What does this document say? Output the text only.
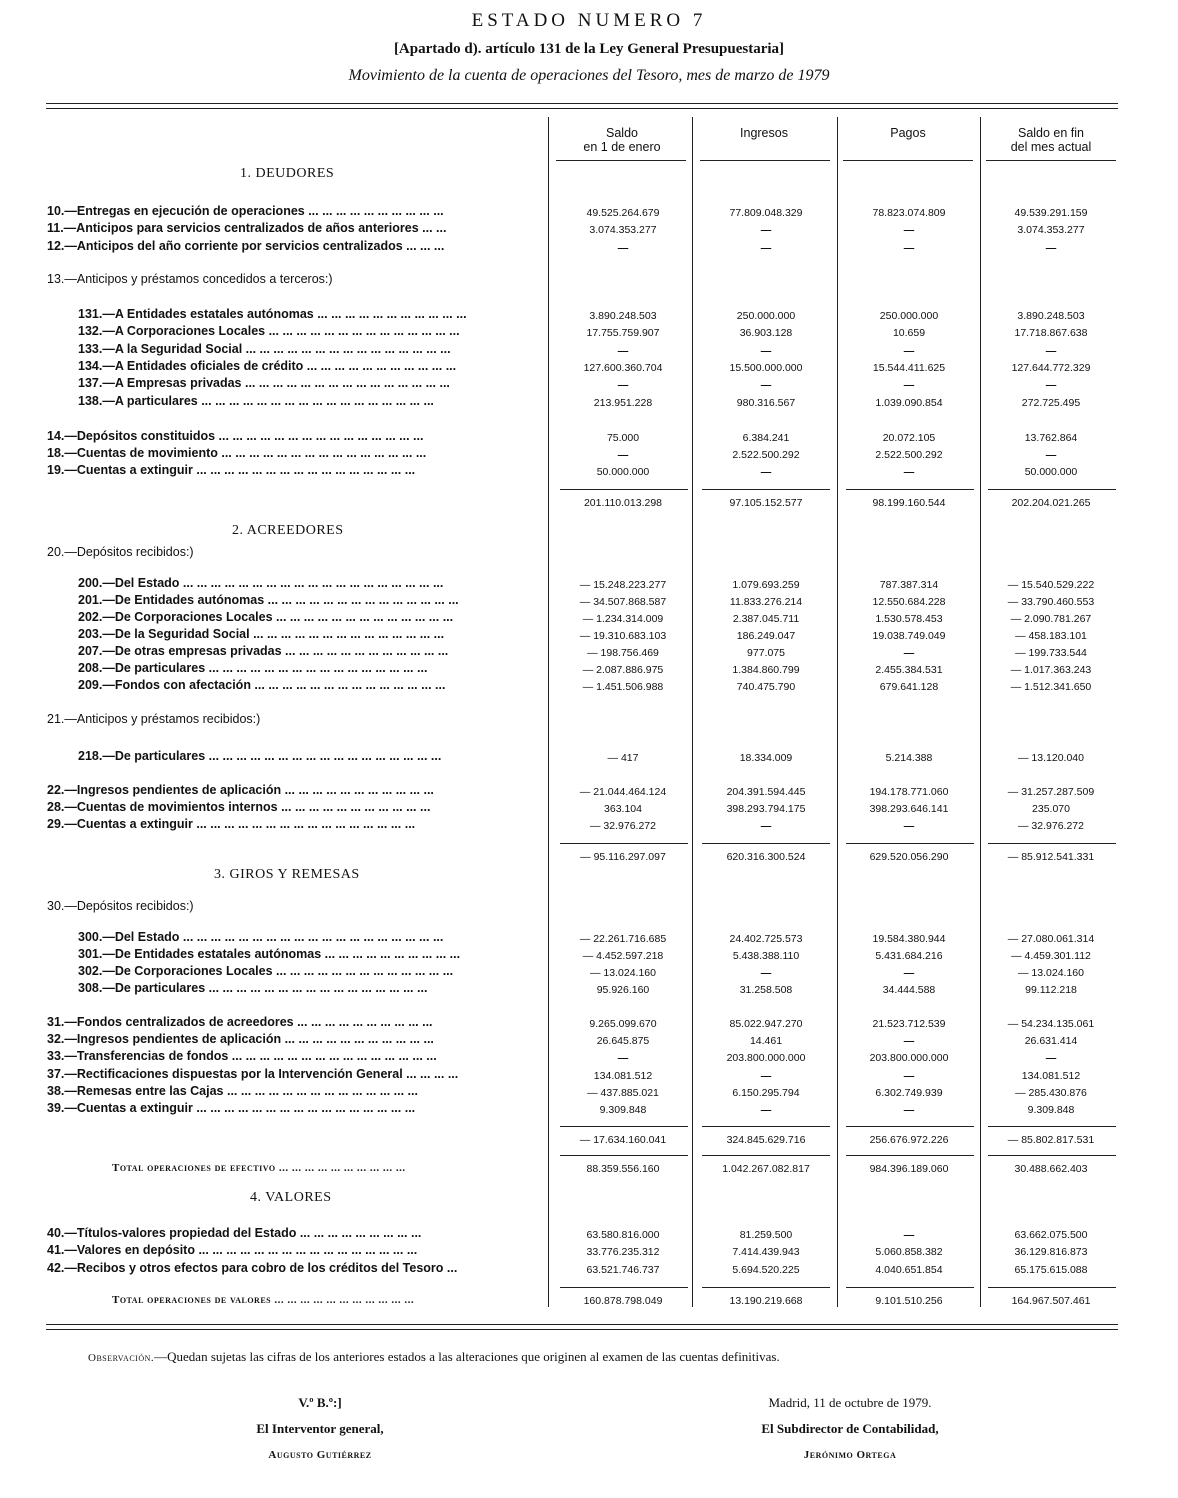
ESTADO NUMERO 7
[Apartado d). artículo 131 de la Ley General Presupuestaria]
Movimiento de la cuenta de operaciones del Tesoro, mes de marzo de 1979
Saldo
en 1 de enero
Ingresos	Pagos	Saldo en fin
del mes actual
1. DEUDORES
2. ACREEDORES
3. GIROS Y REMESAS
4. VALORES
10.—Entregas en ejecución de operaciones ... ... ... ... ... ... ... ... ... ...	49.525.264.679	77.809.048.329	78.823.074.809	49.539.291.159
11.—Anticipos para servicios centralizados de años anteriores ... ...	3.074.353.277	—	—	3.074.353.277
12.—Anticipos del año corriente por servicios centralizados ... ... ...	—	—	—	—
13.—Anticipos y préstamos concedidos a terceros:)
131.—A Entidades estatales autónomas ... ... ... ... ... ... ... ... ... ... ...	3.890.248.503	250.000.000	250.000.000	3.890.248.503
132.—A Corporaciones Locales ... ... ... ... ... ... ... ... ... ... ... ... ... ...	17.755.759.907	36.903.128	10.659	17.718.867.638
133.—A la Seguridad Social ... ... ... ... ... ... ... ... ... ... ... ... ... ... ...	—	—	—	—
134.—A Entidades oficiales de crédito ... ... ... ... ... ... ... ... ... ... ...	127.600.360.704	15.500.000.000	15.544.411.625	127.644.772.329
137.—A Empresas privadas ... ... ... ... ... ... ... ... ... ... ... ... ... ... ...	—	—	—	—
138.—A particulares ... ... ... ... ... ... ... ... ... ... ... ... ... ... ... ... ...	213.951.228	980.316.567	1.039.090.854	272.725.495
14.—Depósitos constituidos ... ... ... ... ... ... ... ... ... ... ... ... ... ... ...	75.000	6.384.241	20.072.105	13.762.864
18.—Cuentas de movimiento ... ... ... ... ... ... ... ... ... ... ... ... ... ... ...	—	2.522.500.292	2.522.500.292	—
19.—Cuentas a extinguir ... ... ... ... ... ... ... ... ... ... ... ... ... ... ... ...	50.000.000	—	—	50.000.000
201.110.013.298	97.105.152.577	98.199.160.544	202.204.021.265
20.—Depósitos recibidos:)
200.—Del Estado ... ... ... ... ... ... ... ... ... ... ... ... ... ... ... ... ... ... ...	— 15.248.223.277	1.079.693.259	787.387.314	— 15.540.529.222
201.—De Entidades autónomas ... ... ... ... ... ... ... ... ... ... ... ... ... ...	— 34.507.868.587	11.833.276.214	12.550.684.228	— 33.790.460.553
202.—De Corporaciones Locales ... ... ... ... ... ... ... ... ... ... ... ... ...	— 1.234.314.009	2.387.045.711	1.530.578.453	— 2.090.781.267
203.—De la Seguridad Social ... ... ... ... ... ... ... ... ... ... ... ... ... ...	— 19.310.683.103	186.249.047	19.038.749.049	— 458.183.101
207.—De otras empresas privadas ... ... ... ... ... ... ... ... ... ... ... ...	— 198.756.469	977.075	—	— 199.733.544
208.—De particulares ... ... ... ... ... ... ... ... ... ... ... ... ... ... ... ...	— 2.087.886.975	1.384.860.799	2.455.384.531	— 1.017.363.243
209.—Fondos con afectación ... ... ... ... ... ... ... ... ... ... ... ... ... ...	— 1.451.506.988	740.475.790	679.641.128	— 1.512.341.650
21.—Anticipos y préstamos recibidos:)
218.—De particulares ... ... ... ... ... ... ... ... ... ... ... ... ... ... ... ... ...	— 417	18.334.009	5.214.388	— 13.120.040
22.—Ingresos pendientes de aplicación ... ... ... ... ... ... ... ... ... ... ...	— 21.044.464.124	204.391.594.445	194.178.771.060	— 31.257.287.509
28.—Cuentas de movimientos internos ... ... ... ... ... ... ... ... ... ... ...	363.104	398.293.794.175	398.293.646.141	235.070
29.—Cuentas a extinguir ... ... ... ... ... ... ... ... ... ... ... ... ... ... ... ...	— 32.976.272	—	—	— 32.976.272
— 95.116.297.097	620.316.300.524	629.520.056.290	— 85.912.541.331
30.—Depósitos recibidos:)
300.—Del Estado ... ... ... ... ... ... ... ... ... ... ... ... ... ... ... ... ... ... ...	— 22.261.716.685	24.402.725.573	19.584.380.944	— 27.080.061.314
301.—De Entidades estatales autónomas ... ... ... ... ... ... ... ... ... ...	— 4.452.597.218	5.438.388.110	5.431.684.216	— 4.459.301.112
302.—De Corporaciones Locales ... ... ... ... ... ... ... ... ... ... ... ... ...	— 13.024.160	—	—	— 13.024.160
308.—De particulares ... ... ... ... ... ... ... ... ... ... ... ... ... ... ... ...	95.926.160	31.258.508	34.444.588	99.112.218
31.—Fondos centralizados de acreedores ... ... ... ... ... ... ... ... ... ...	9.265.099.670	85.022.947.270	21.523.712.539	— 54.234.135.061
32.—Ingresos pendientes de aplicación ... ... ... ... ... ... ... ... ... ... ...	26.645.875	14.461	—	26.631.414
33.—Transferencias de fondos ... ... ... ... ... ... ... ... ... ... ... ... ... ... ...	—	203.800.000.000	203.800.000.000	—
37.—Rectificaciones dispuestas por la Intervención General ... ... ... ...	134.081.512	—	—	134.081.512
38.—Remesas entre las Cajas ... ... ... ... ... ... ... ... ... ... ... ... ... ...	— 437.885.021	6.150.295.794	6.302.749.939	— 285.430.876
39.—Cuentas a extinguir ... ... ... ... ... ... ... ... ... ... ... ... ... ... ... ...	9.309.848	—	—	9.309.848
— 17.634.160.041	324.845.629.716	256.676.972.226	— 85.802.817.531
Total operaciones de efectivo ... ... ... ... ... ... ... ... ... ...	88.359.556.160	1.042.267.082.817	984.396.189.060	30.488.662.403
40.—Títulos-valores propiedad del Estado ... ... ... ... ... ... ... ... ...	63.580.816.000	81.259.500	—	63.662.075.500
41.—Valores en depósito ... ... ... ... ... ... ... ... ... ... ... ... ... ... ... ...	33.776.235.312	7.414.439.943	5.060.858.382	36.129.816.873
42.—Recibos y otros efectos para cobro de los créditos del Tesoro ...	63.521.746.737	5.694.520.225	4.040.651.854	65.175.615.088
Total operaciones de valores ... ... ... ... ... ... ... ... ... ... ...	160.878.798.049	13.190.219.668	9.101.510.256	164.967.507.461
Observación.—Quedan sujetas las cifras de los anteriores estados a las alteraciones que originen al examen de las cuentas definitivas.
V.º B.º:]
El Interventor general,
Augusto Gutiérrez
Madrid, 11 de octubre de 1979.
El Subdirector de Contabilidad,
Jerónimo Ortega
